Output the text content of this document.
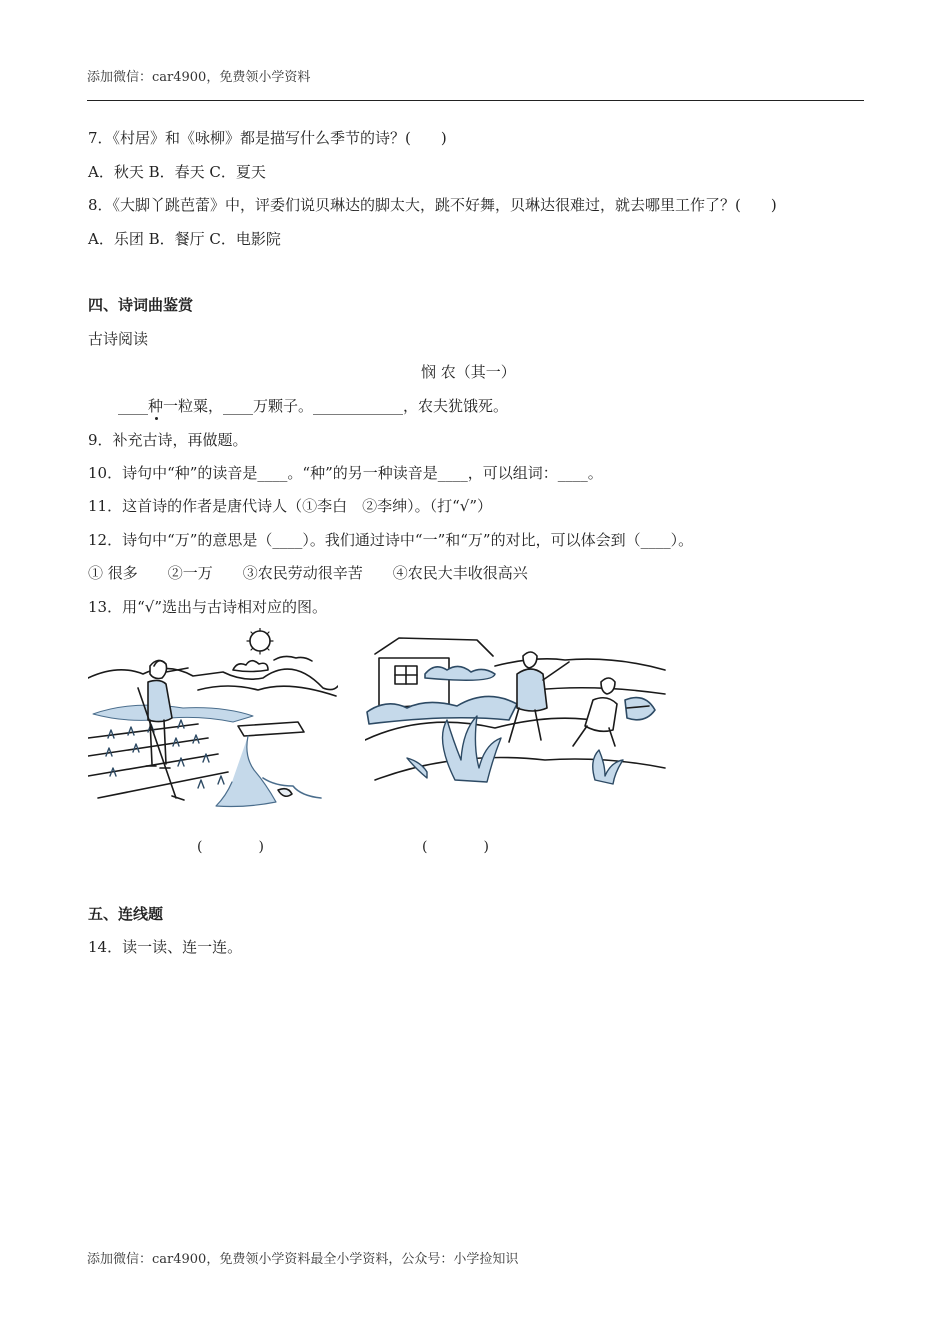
添加微信：car4900，免费领小学资料
7．《村居》和《咏柳》都是描写什么季节的诗？(　　)
A．秋天 B．春天 C．夏天
8．《大脚丫跳芭蕾》中，评委们说贝琳达的脚太大，跳不好舞，贝琳达很难过，就去哪里工作了？(　　)
A．乐团 B．餐厅 C．电影院
四、诗词曲鉴赏
古诗阅读
悯 农（其一）
____种一粒粟，____万颗子。____________，农夫犹饿死。
9．补充古诗，再做题。
10．诗句中“种”的读音是____。“种”的另一种读音是____，可以组词：____。
11．这首诗的作者是唐代诗人（①李白　②李绅）。（打“√”）
12．诗句中“万”的意思是（____）。我们通过诗中“一”和“万”的对比，可以体会到（____）。
① 很多　　②一万　　③农民劳动很辛苦　　④农民大丰收很高兴
13．用“√”选出与古诗相对应的图。
(　　　　)	(　　　　)
五、连线题
14．读一读、连一连。
添加微信：car4900，免费领小学资料最全小学资料，公众号：小学捡知识
